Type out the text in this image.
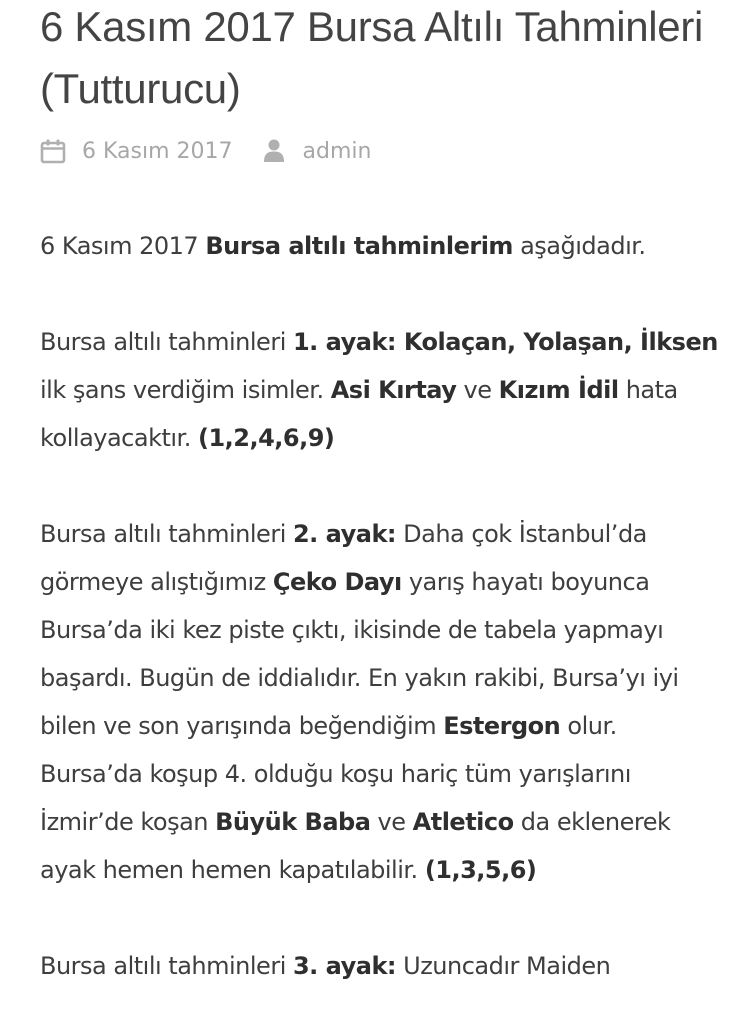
6 Kasım 2017 Bursa Altılı Tahminleri (Tutturucu)
6 Kasım 2017	admin

6 Kasım 2017 Bursa altılı tahminlerim aşağıdadır.

Bursa altılı tahminleri 1. ayak: Kolaçan, Yolaşan, İlksen ilk şans verdiğim isimler. Asi Kırtay ve Kızım İdil hata kollayacaktır. (1,2,4,6,9)

Bursa altılı tahminleri 2. ayak: Daha çok İstanbul’da görmeye alıştığımız Çeko Dayı yarış hayatı boyunca Bursa’da iki kez piste çıktı, ikisinde de tabela yapmayı başardı. Bugün de iddialıdır. En yakın rakibi, Bursa’yı iyi bilen ve son yarışında beğendiğim Estergon olur. Bursa’da koşup 4. olduğu koşu hariç tüm yarışlarını İzmir’de koşan Büyük Baba ve Atletico da eklenerek ayak hemen hemen kapatılabilir. (1,3,5,6)

Bursa altılı tahminleri 3. ayak: Uzuncadır Maiden
